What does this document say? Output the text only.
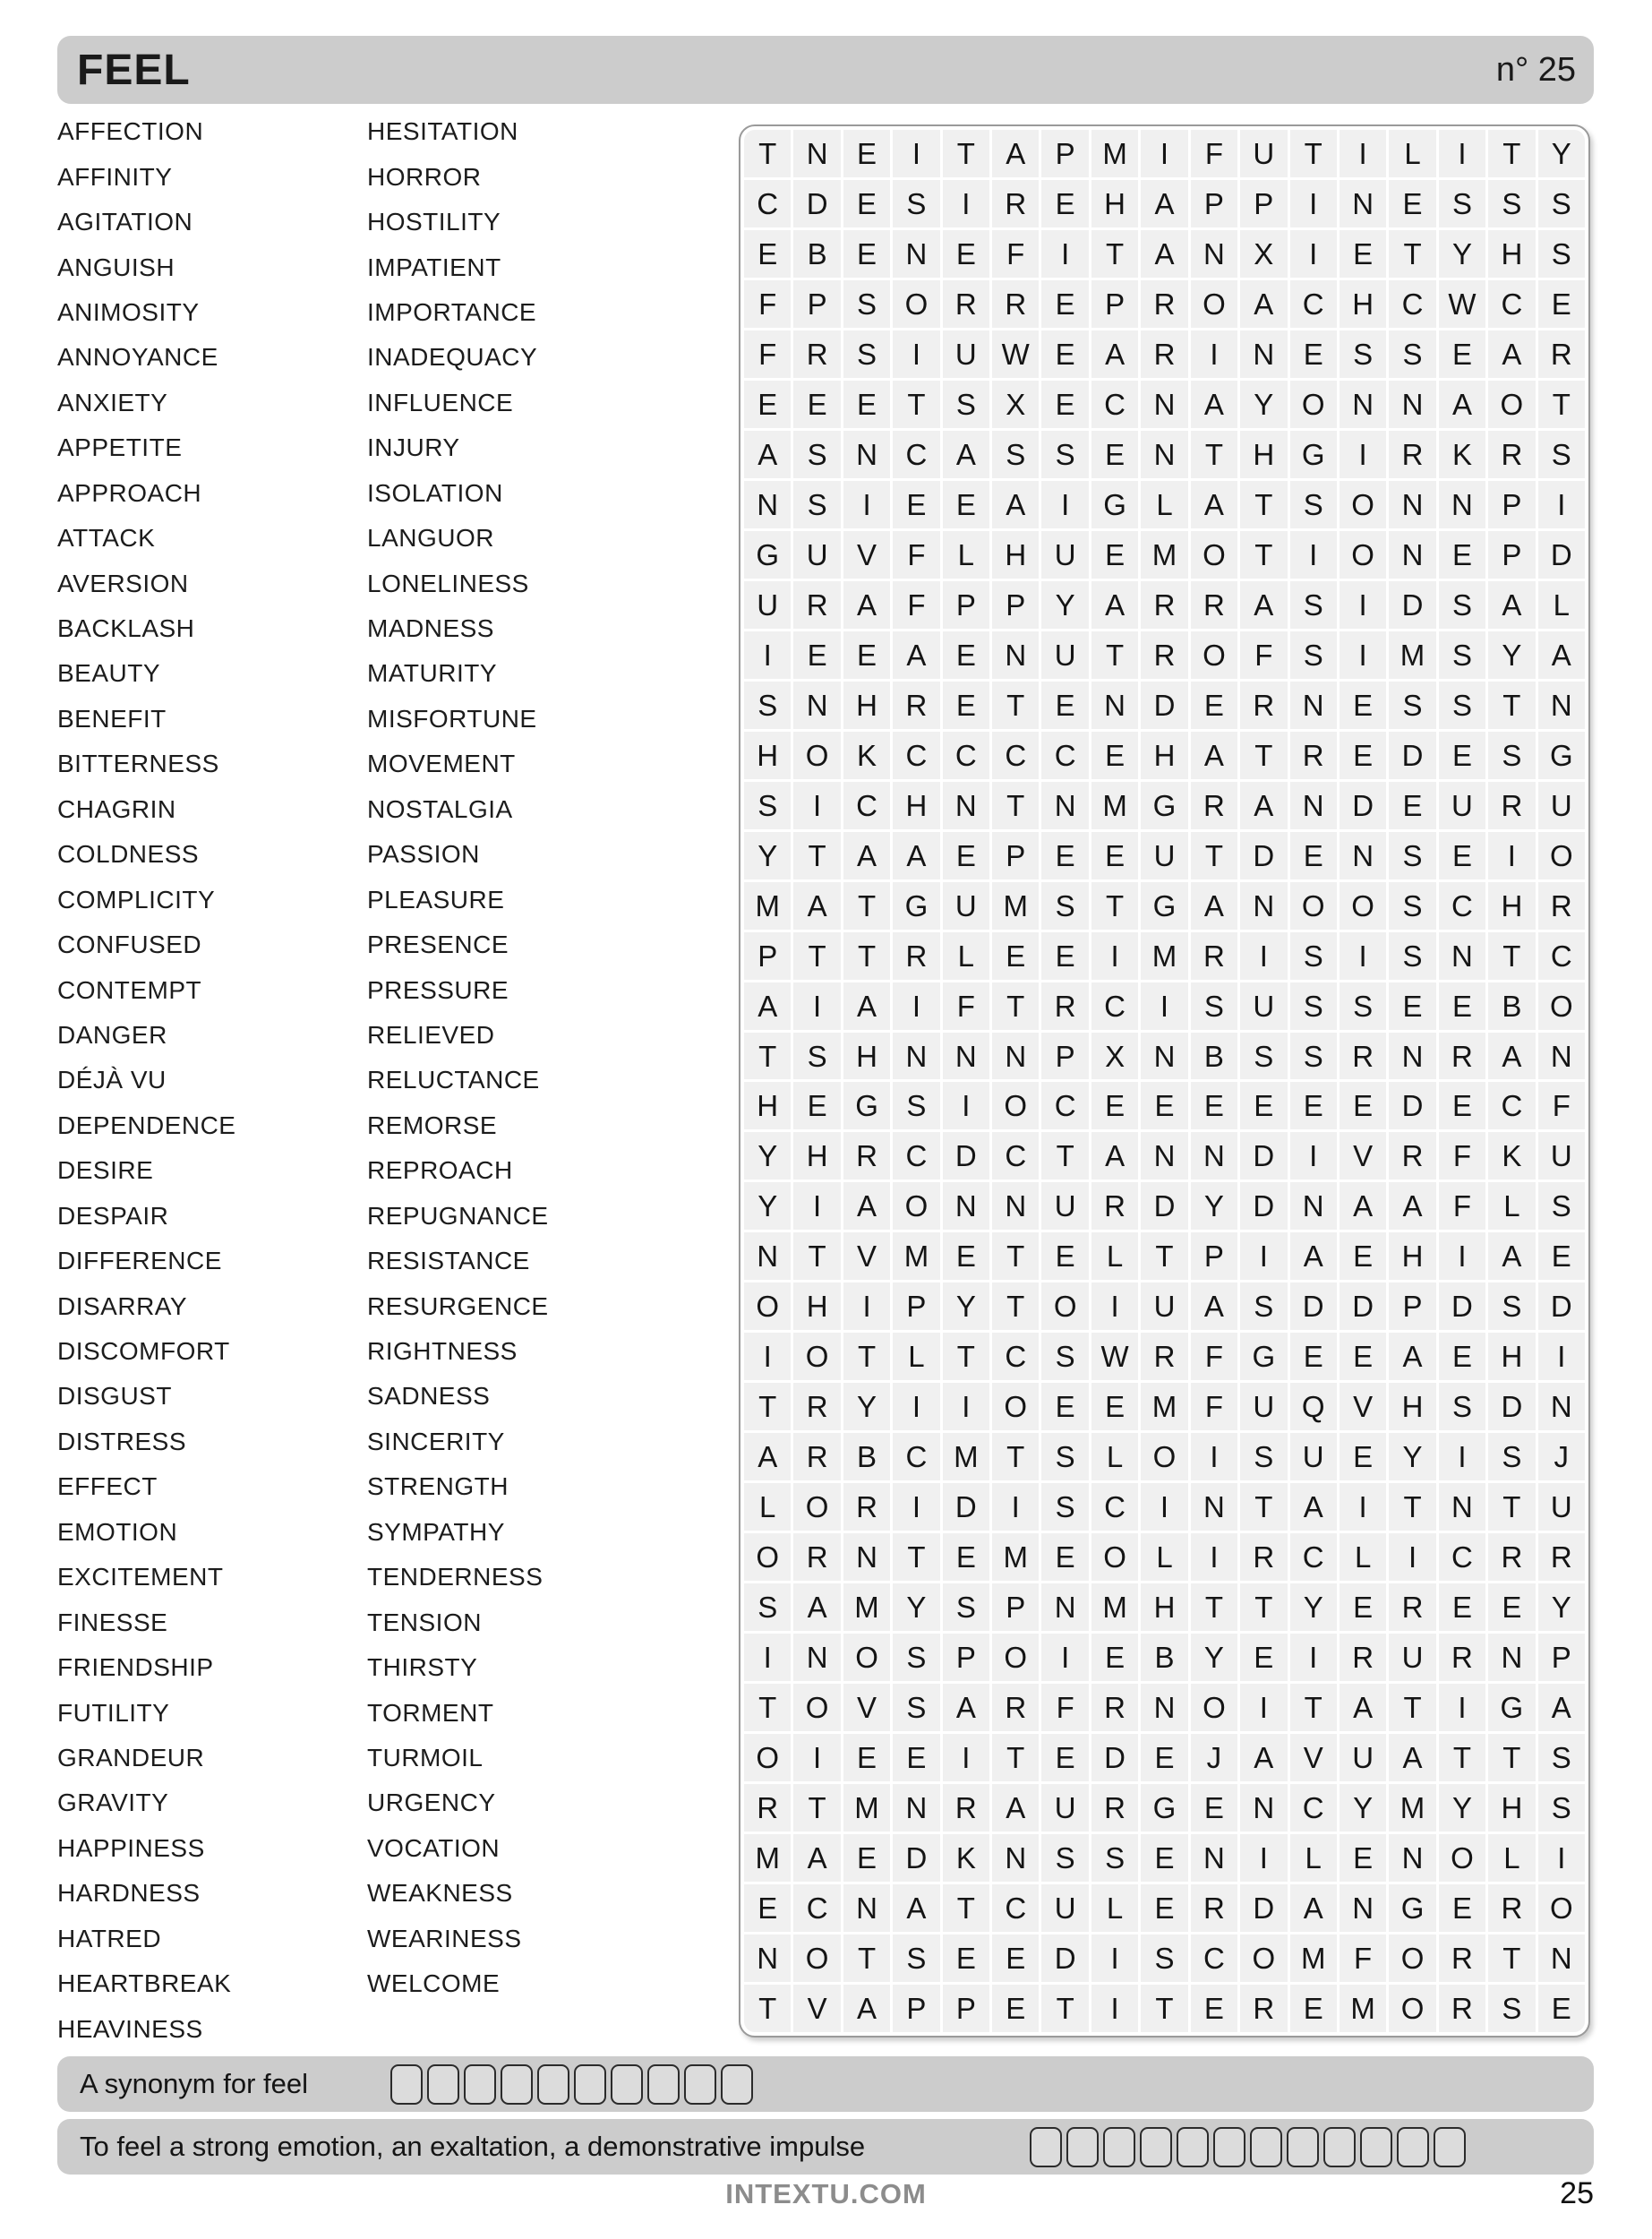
FEEL	n° 25
AFFECTION
AFFINITY
AGITATION
ANGUISH
ANIMOSITY
ANNOYANCE
ANXIETY
APPETITE
APPROACH
ATTACK
AVERSION
BACKLASH
BEAUTY
BENEFIT
BITTERNESS
CHAGRIN
COLDNESS
COMPLICITY
CONFUSED
CONTEMPT
DANGER
DÉJÀ VU
DEPENDENCE
DESIRE
DESPAIR
DIFFERENCE
DISARRAY
DISCOMFORT
DISGUST
DISTRESS
EFFECT
EMOTION
EXCITEMENT
FINESSE
FRIENDSHIP
FUTILITY
GRANDEUR
GRAVITY
HAPPINESS
HARDNESS
HATRED
HEARTBREAK
HEAVINESS
HESITATION
HORROR
HOSTILITY
IMPATIENT
IMPORTANCE
INADEQUACY
INFLUENCE
INJURY
ISOLATION
LANGUOR
LONELINESS
MADNESS
MATURITY
MISFORTUNE
MOVEMENT
NOSTALGIA
PASSION
PLEASURE
PRESENCE
PRESSURE
RELIEVED
RELUCTANCE
REMORSE
REPROACH
REPUGNANCE
RESISTANCE
RESURGENCE
RIGHTNESS
SADNESS
SINCERITY
STRENGTH
SYMPATHY
TENDERNESS
TENSION
THIRSTY
TORMENT
TURMOIL
URGENCY
VOCATION
WEAKNESS
WEARINESS
WELCOME
T	N E	I	T	A	P M	I	F	U	T	I	L	I	T	Y
C D E	S	I	R E H A	P	P	I	N E	S	S	S
E	B	E N E	F	I	T	A N X	I	E	T	Y H S
F	P	S O R R E	P R O A C H C W C E
F	R S	I	U W E	A R	I	N E	S	S	E	A R
E	E	E	T	S	X	E C N A	Y O N N A O T
A	S N C A	S	S	E N	T	H G	I	R K R S
N S	I	E	E	A	I	G	L	A	T	S O N N P	I
G U V	F	L	H U E M O T	I	O N E	P D
U R A	F	P	P	Y	A R R A	S	I	D S	A	L
I	E	E	A	E N U	T	R O F	S	I	M S	Y	A
S N H R E	T	E N D E R N E	S	S	T	N
H O K C C C C E H A	T	R E D E	S G
S	I	C H N	T	N M G R A N D E U R U
Y	T	A	A	E	P	E	E U	T	D E N S	E	I	O
M A	T G U M S	T G A N O O S C H R
P	T	T	R	L	E	E	I	M R	I	S	I	S N	T	C
A	I	A	I	F	T	R C	I	S U S	S	E	E	B O
T	S H N N N P	X N B	S	S R N R A N
H E G S	I	O C E	E	E	E	E	E D E C	F
Y H R C D C	T	A N N D	I	V R	F	K U
Y	I	A O N N U R D Y D N A	A	F	L	S
N	T	V M E	T	E	L	T	P	I	A	E H	I	A	E
O H	I	P	Y	T O	I	U A	S D D P D S D
I	O T	L	T	C S W R	F G E	E	A	E H	I
T	R Y	I	I	O E	E M F	U Q V H S D N
A R B C M T	S	L	O	I	S U E	Y	I	S	J
L	O R	I	D	I	S C	I	N	T	A	I	T	N	T	U
O R N	T	E M E O	L	I	R C	L	I	C R R
S	A M Y	S	P N M H	T	T	Y	E R E	E	Y
I	N O S	P O	I	E	B	Y	E	I	R U R N P
T O V	S	A R	F	R N O	I	T	A	T	I	G A
O	I	E	E	I	T	E D E	J	A	V U A	T	T	S
R	T M N R A U R G E N C Y M Y H S
M A	E D K N S	S	E N	I	L	E N O	L	I
E C N A	T	C U	L	E R D A N G E R O
N O T	S	E	E D	I	S C O M F O R	T	N
T	V	A	P	P	E	T	I	T	E R E M O R S	E
A synonym for feel
To feel a strong emotion, an exaltation, a demonstrative impulse
INTEXTU.COM	25
